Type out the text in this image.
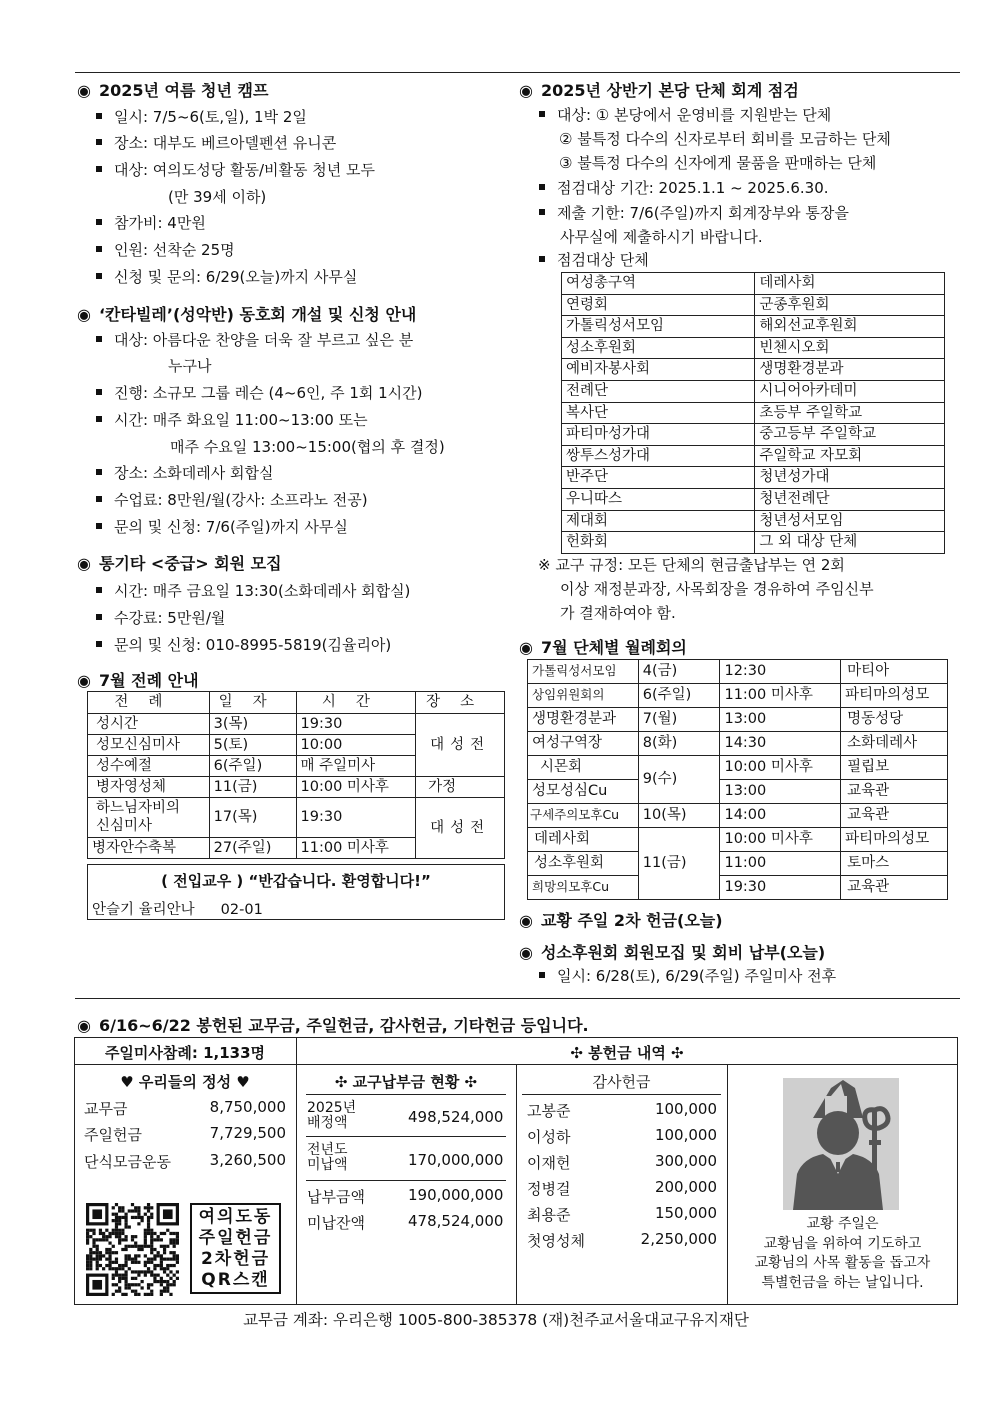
◉ 2025년 여름 청년 캠프
일시: 7/5~6(토,일), 1박 2일
장소: 대부도 베르아델펜션 유니콘
대상: 여의도성당 활동/비활동 청년 모두
(만 39세 이하)
참가비: 4만원
인원: 선착순 25명
신청 및 문의: 6/29(오늘)까지 사무실
◉ ‘칸타빌레’(성악반) 동호회 개설 및 신청 안내
대상: 아름다운 찬양을 더욱 잘 부르고 싶은 분
누구나
진행: 소규모 그룹 레슨 (4~6인, 주 1회 1시간)
시간: 매주 화요일 11:00~13:00 또는
매주 수요일 13:00~15:00(협의 후 결정)
장소: 소화데레사 회합실
수업료: 8만원/월(강사: 소프라노 전공)
문의 및 신청: 7/6(주일)까지 사무실
◉ 통기타 <중급> 회원 모집
시간: 매주 금요일 13:30(소화데레사 회합실)
수강료: 5만원/월
문의 및 신청: 010-8995-5819(김율리아)
◉ 7월 전례 안내
전례	일자	시간	장소
성시간	3(목)	19:30	대성전
성모신심미사	5(토)	10:00	
성수예절	6(주일)	매 주일미사	
병자영성체	11(금)	10:00 미사후	가정

하느님자비의
신심미사	17(목)	19:30	대성전
병자안수축복	27(주일)	11:00 미사후	
( 전입교우 ) “반갑습니다. 환영합니다!”
안슬기 율리안나 02-01
◉ 2025년 상반기 본당 단체 회계 점검
대상: ① 본당에서 운영비를 지원받는 단체
② 불특정 다수의 신자로부터 회비를 모금하는 단체
③ 불특정 다수의 신자에게 물품을 판매하는 단체
점검대상 기간: 2025.1.1 ~ 2025.6.30.
제출 기한: 7/6(주일)까지 회계장부와 통장을
사무실에 제출하시기 바랍니다.
점검대상 단체
여성총구역	데레사회
연령회	군종후원회
가톨릭성서모임	해외선교후원회
성소후원회	빈첸시오회
예비자봉사회	생명환경분과
전례단	시니어아카데미
복사단	초등부 주일학교
파티마성가대	중고등부 주일학교
쌍투스성가대	주일학교 자모회
반주단	청년성가대
우니따스	청년전례단
제대회	청년성서모임
헌화회	그 외 대상 단체
※ 교구 규정: 모든 단체의 현금출납부는 연 2회
이상 재정분과장, 사목회장을 경유하여 주임신부
가 결재하여야 함.
◉ 7월 단체별 월례회의
가톨릭성서모임	4(금)	12:30	마티아
상임위원회의	6(주일)	11:00 미사후	파티마의성모
생명환경분과	7(월)	13:00	명동성당
여성구역장	8(화)	14:30	소화데레사
시몬회	9(수)	10:00 미사후	필립보
성모성심Cu		13:00	교육관
구세주의모후Cu	10(목)	14:00	교육관
데레사회	11(금)	10:00 미사후	파티마의성모
성소후원회		11:00	토마스
희망의모후Cu		19:30	교육관
◉ 교황 주일 2차 헌금(오늘)
◉ 성소후원회 회원모집 및 회비 납부(오늘)
일시: 6/28(토), 6/29(주일) 주일미사 전후
◉ 6/16~6/22 봉헌된 교무금, 주일헌금, 감사헌금, 기타헌금 등입니다.
주일미사참례: 1,133명	✣ 봉헌금 내역 ✣
♥ 우리들의 정성 ♥
교무금	8,750,000
주일헌금	7,729,500
단식모금운동	3,260,500
여의도동
주일헌금
2차헌금
QR스캔
✣ 교구납부금 현황 ✣
2025년
배정액	498,524,000
전년도
미납액	170,000,000
납부금액	190,000,000
미납잔액	478,524,000
감사헌금
고봉준	100,000
이성하	100,000
이재헌	300,000
정병걸	200,000
최용준	150,000
첫영성체	2,250,000
교황 주일은
교황님을 위하여 기도하고
교황님의 사목 활동을 돕고자
특별헌금을 하는 날입니다.
교무금 계좌: 우리은행 1005-800-385378 (재)천주교서울대교구유지재단
